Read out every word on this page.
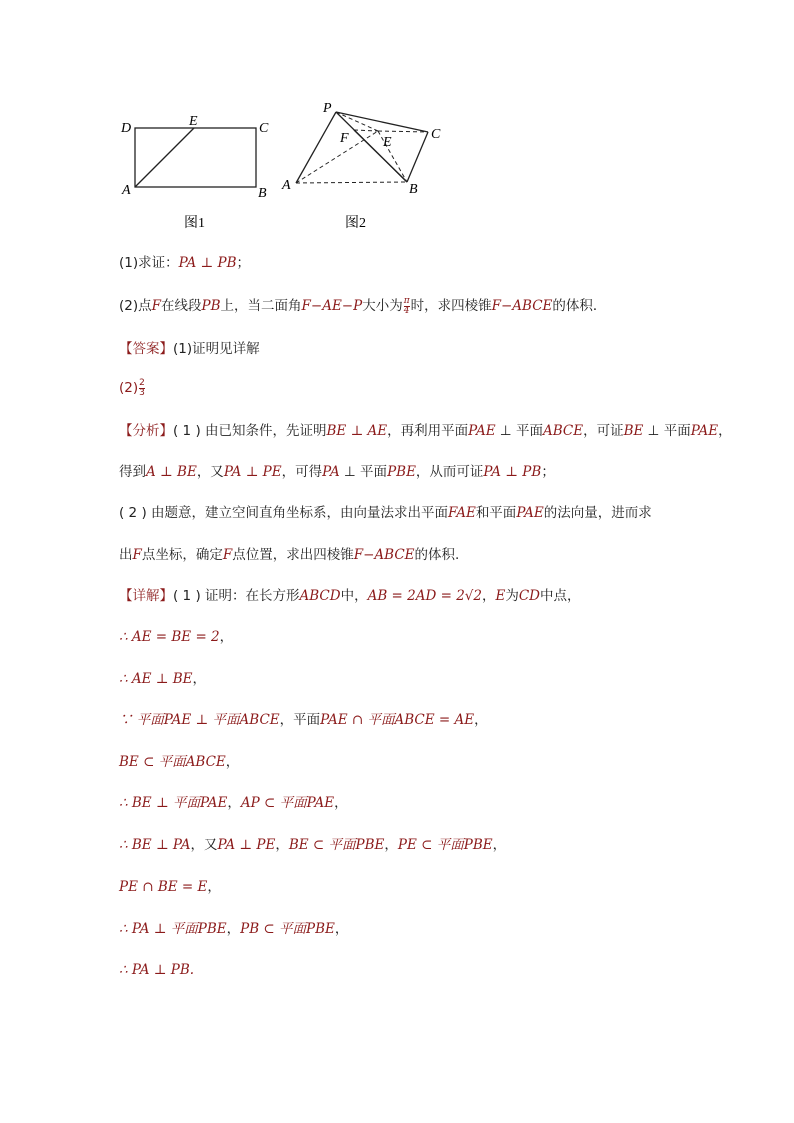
D	E	C
A	B
图1
P
F E
C
A	B
图2
(1)求证：PA ⊥ PB；
(2)点F在线段PB上，当二面角F−AE−P大小为 $\frac{\pi}{4}$ 时，求四棱锥F−ABCE的体积．
【答案】(1)证明见详解
$(2) \frac{2}{3}$
【分析】( 1 ) 由已知条件，先证明BE ⊥ AE，再利用平面PAE ⊥ 平面ABCE，可证BE ⊥ 平面PAE，
得到A ⊥ BE，又PA ⊥ PE，可得PA ⊥ 平面PBE，从而可证PA ⊥ PB；
( 2 ) 由题意，建立空间直角坐标系，由向量法求出平面FAE和平面PAE的法向量，进而求
出F点坐标，确定F点位置，求出四棱锥F−ABCE的体积.
【详解】( 1 ) 证明：在长方形ABCD中，AB = 2AD = 2√2，E为CD中点，
∴ AE = BE = 2，
∴ AE ⊥ BE，
∵ 平面PAE ⊥ 平面ABCE，平面PAE ∩ 平面ABCE = AE，
BE ⊂ 平面ABCE，
∴ BE ⊥ 平面PAE，AP ⊂ 平面PAE，
∴ BE ⊥ PA，又PA ⊥ PE，BE ⊂ 平面PBE，PE ⊂ 平面PBE，
PE ∩ BE = E，
∴ PA ⊥ 平面PBE，PB ⊂ 平面PBE，
∴ PA ⊥ PB.
